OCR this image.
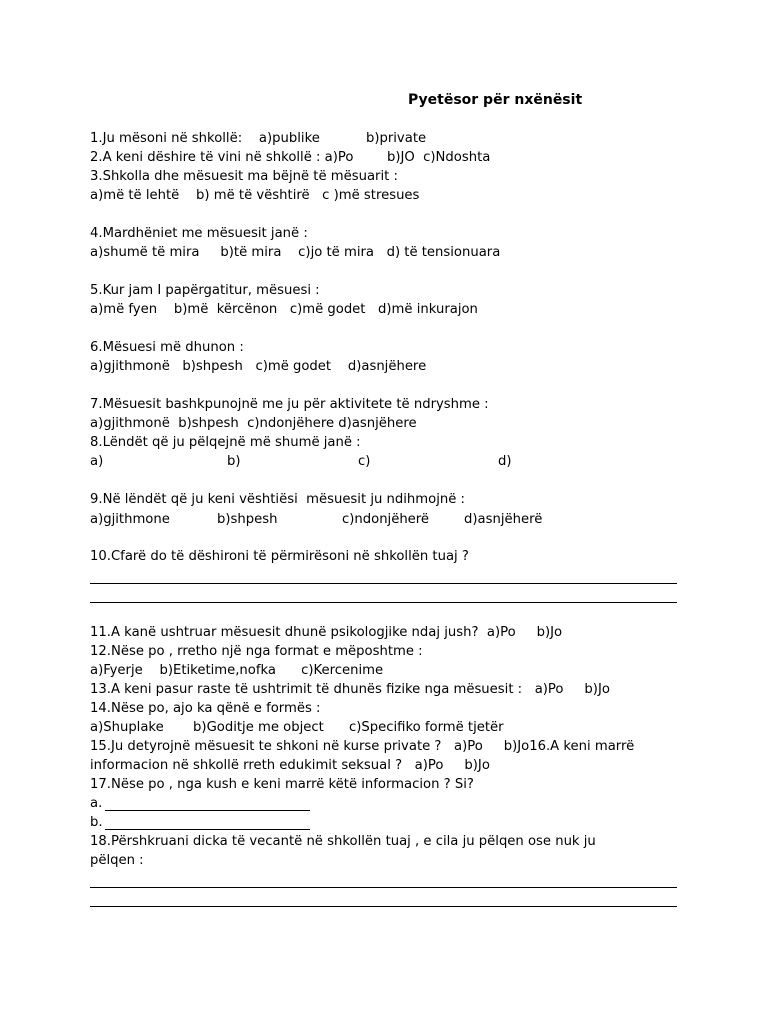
Pyetësor për nxënësit
1.Ju mësoni në shkollë:    a)publike           b)private
2.A keni dëshire të vini në shkollë : a)Po        b)JO  c)Ndoshta
3.Shkolla dhe mësuesit ma bëjnë të mësuarit :
a)më të lehtë    b) më të vështirë   c )më stresues
4.Mardhëniet me mësuesit janë :
a)shumë të mira     b)të mira    c)jo të mira   d) të tensionuara
5.Kur jam I papërgatitur, mësuesi :
a)më fyen    b)më  kërcënon   c)më godet   d)më inkurajon
6.Mësuesi më dhunon :
a)gjithmonë   b)shpesh   c)më godet    d)asnjëhere
7.Mësuesit bashkpunojnë me ju për aktivitete të ndryshme :
a)gjithmonë  b)shpesh  c)ndonjëhere d)asnjëhere
8.Lëndët që ju pëlqejnë më shumë janë :
a)	b)	c)	d)
9.Në lëndët që ju keni vështiësi  mësuesit ju ndihmojnë :
a)gjithmone	b)shpesh	c)ndonjëherë	d)asnjëherë
10.Cfarë do të dëshironi të përmirësoni në shkollën tuaj ?
11.A kanë ushtruar mësuesit dhunë psikologjike ndaj jush?  a)Po     b)Jo
12.Nëse po , rretho një nga format e mëposhtme :
a)Fyerje    b)Etiketime,nofka      c)Kercenime
13.A keni pasur raste të ushtrimit të dhunës fizike nga mësuesit :   a)Po     b)Jo
14.Nëse po, ajo ka qënë e formës :
a)Shuplake       b)Goditje me object      c)Specifiko formë tjetër
15.Ju detyrojnë mësuesit te shkoni në kurse private ?   a)Po     b)Jo16.A keni marrë
informacion në shkollë rreth edukimit seksual ?   a)Po     b)Jo
17.Nëse po , nga kush e keni marrë këtë informacion ? Si?
a.
b.
18.Përshkruani dicka të vecantë në shkollën tuaj , e cila ju pëlqen ose nuk ju
pëlqen :
